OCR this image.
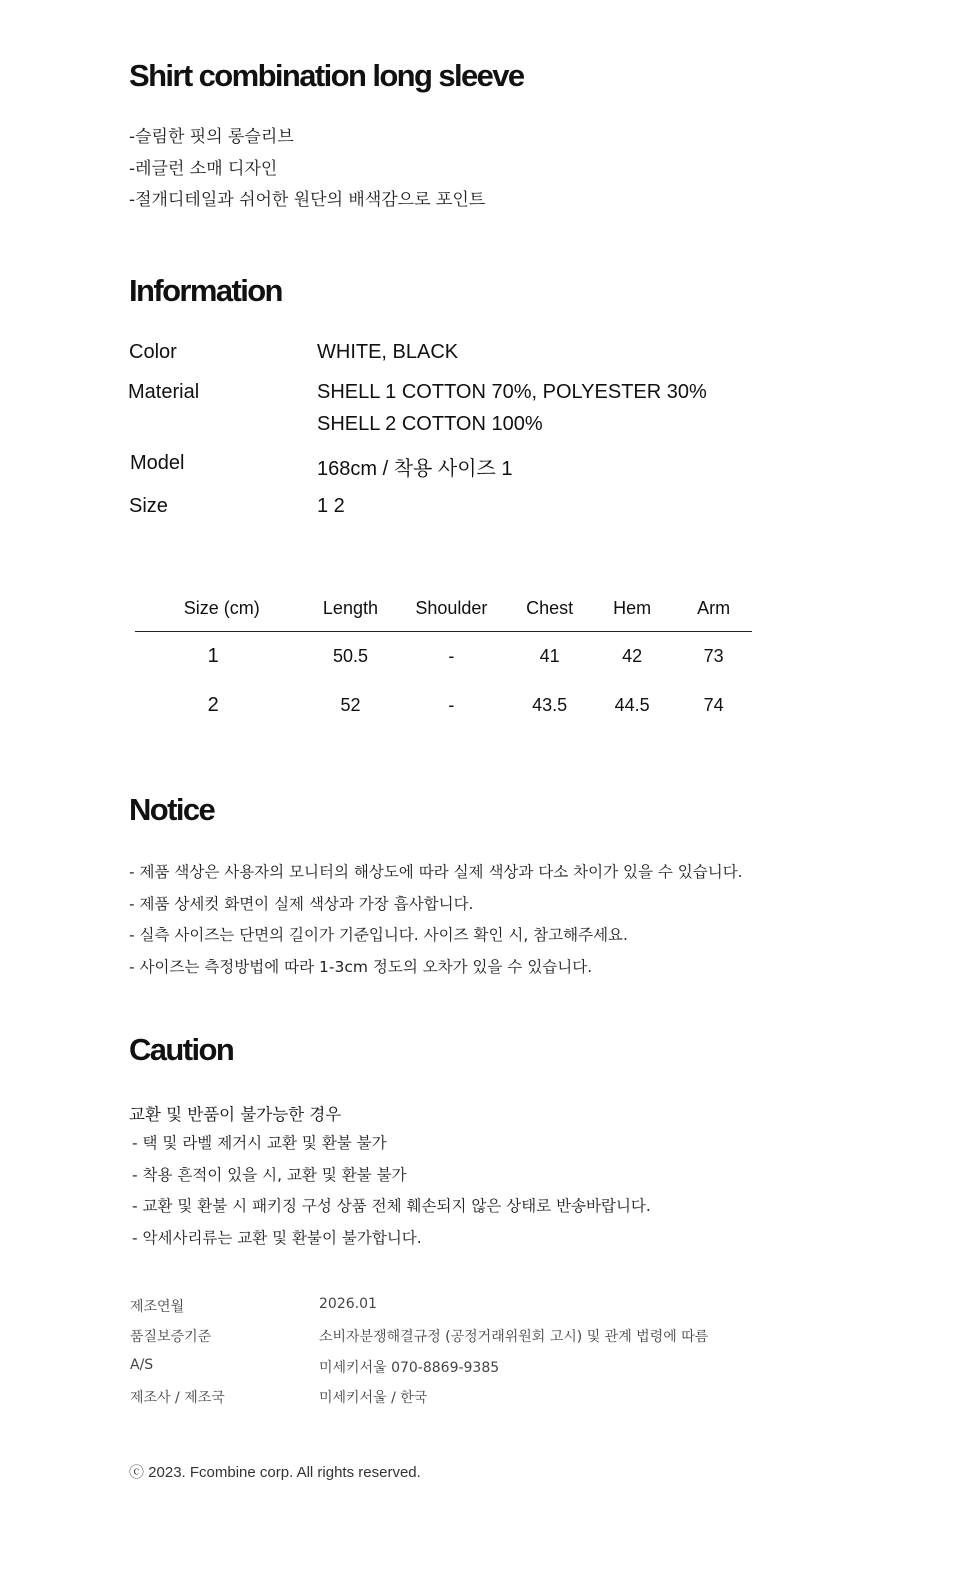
Shirt combination long sleeve
-슬림한 핏의 롱슬리브
-레글런 소매 디자인
-절개디테일과 쉬어한 원단의 배색감으로 포인트
Information
Color	WHITE, BLACK
Material	SHELL 1 COTTON 70%, POLYESTER 30%
SHELL 2 COTTON 100%
Model	168cm / 착용 사이즈 1
Size	1 2
Size (cm)	Length	Shoulder	Chest	Hem	Arm
1	50.5	-	41	42	73
2	52	-	43.5	44.5	74
Notice
- 제품 색상은 사용자의 모니터의 해상도에 따라 실제 색상과 다소 차이가 있을 수 있습니다.
- 제품 상세컷 화면이 실제 색상과 가장 흡사합니다.
- 실측 사이즈는 단면의 길이가 기준입니다. 사이즈 확인 시, 참고해주세요.
- 사이즈는 측정방법에 따라 1-3cm 정도의 오차가 있을 수 있습니다.
Caution
교환 및 반품이 불가능한 경우
- 택 및 라벨 제거시 교환 및 환불 불가
- 착용 흔적이 있을 시, 교환 및 환불 불가
- 교환 및 환불 시 패키징 구성 상품 전체 훼손되지 않은 상태로 반송바랍니다.
- 악세사리류는 교환 및 환불이 불가합니다.
제조연월	2026.01
품질보증기준	소비자분쟁해결규정 (공정거래위원회 고시) 및 관계 법령에 따름
A/S	미세키서울 070-8869-9385
제조사 / 제조국	미세키서울 / 한국
ⓒ 2023. Fcombine corp. All rights reserved.
